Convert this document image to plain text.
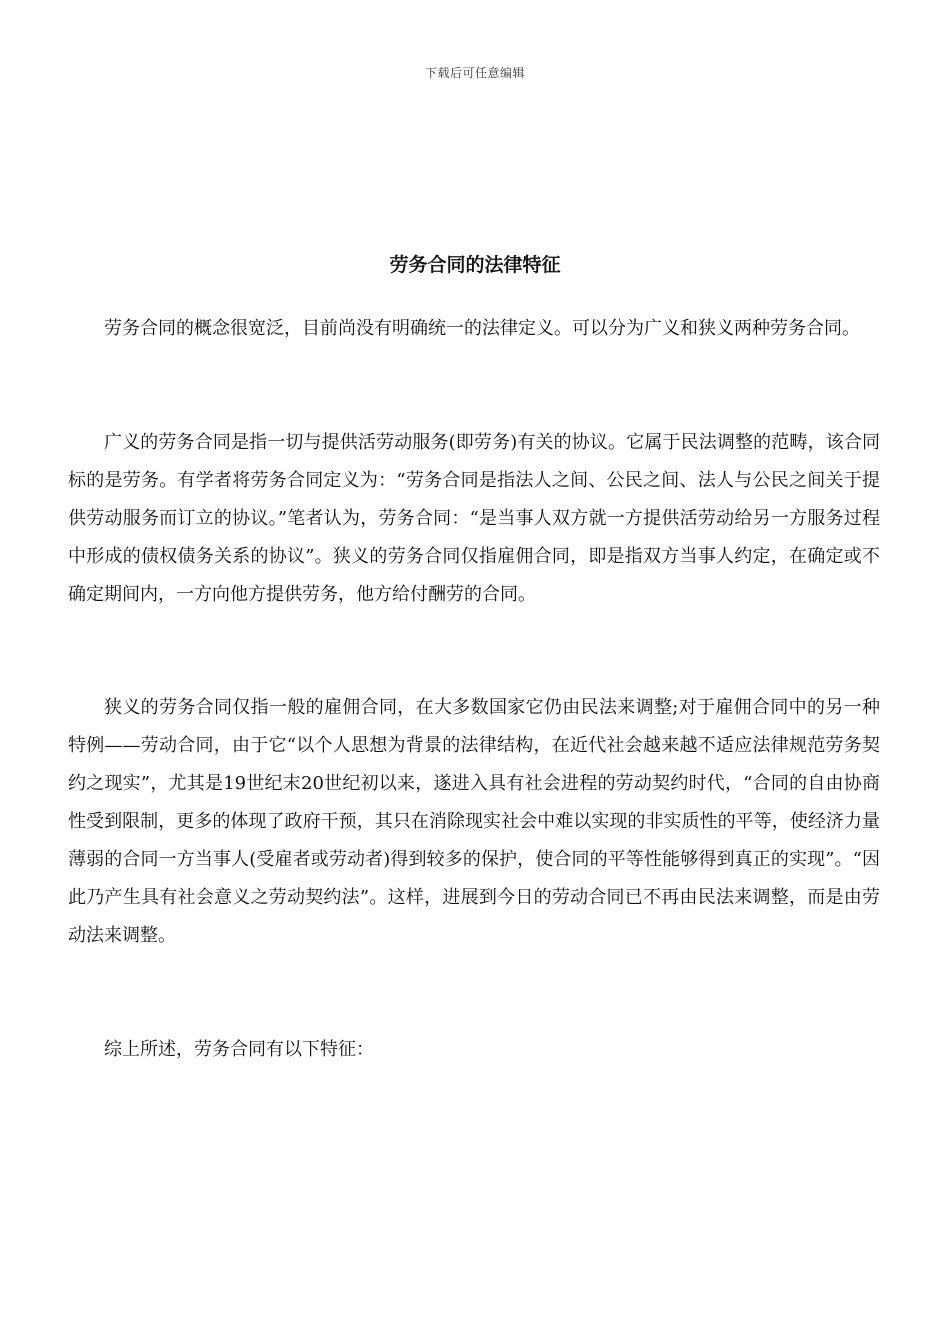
下载后可任意编辑
劳务合同的法律特征

劳务合同的概念很宽泛，目前尚没有明确统一的法律定义。可以分为广义和狭义两种劳务合同。

广义的劳务合同是指一切与提供活劳动服务(即劳务)有关的协议。它属于民法调整的范畴，该合同标的是劳务。有学者将劳务合同定义为：“劳务合同是指法人之间、公民之间、法人与公民之间关于提供劳动服务而订立的协议。”笔者认为，劳务合同：“是当事人双方就一方提供活劳动给另一方服务过程中形成的债权债务关系的协议”。狭义的劳务合同仅指雇佣合同，即是指双方当事人约定，在确定或不确定期间内，一方向他方提供劳务，他方给付酬劳的合同。

狭义的劳务合同仅指一般的雇佣合同，在大多数国家它仍由民法来调整;对于雇佣合同中的另一种特例——劳动合同，由于它“以个人思想为背景的法律结构，在近代社会越来越不适应法律规范劳务契约之现实”，尤其是19世纪末20世纪初以来，遂进入具有社会进程的劳动契约时代，“合同的自由协商性受到限制，更多的体现了政府干预，其只在消除现实社会中难以实现的非实质性的平等，使经济力量薄弱的合同一方当事人(受雇者或劳动者)得到较多的保护，使合同的平等性能够得到真正的实现”。“因此乃产生具有社会意义之劳动契约法”。这样，进展到今日的劳动合同已不再由民法来调整，而是由劳动法来调整。

综上所述，劳务合同有以下特征：
